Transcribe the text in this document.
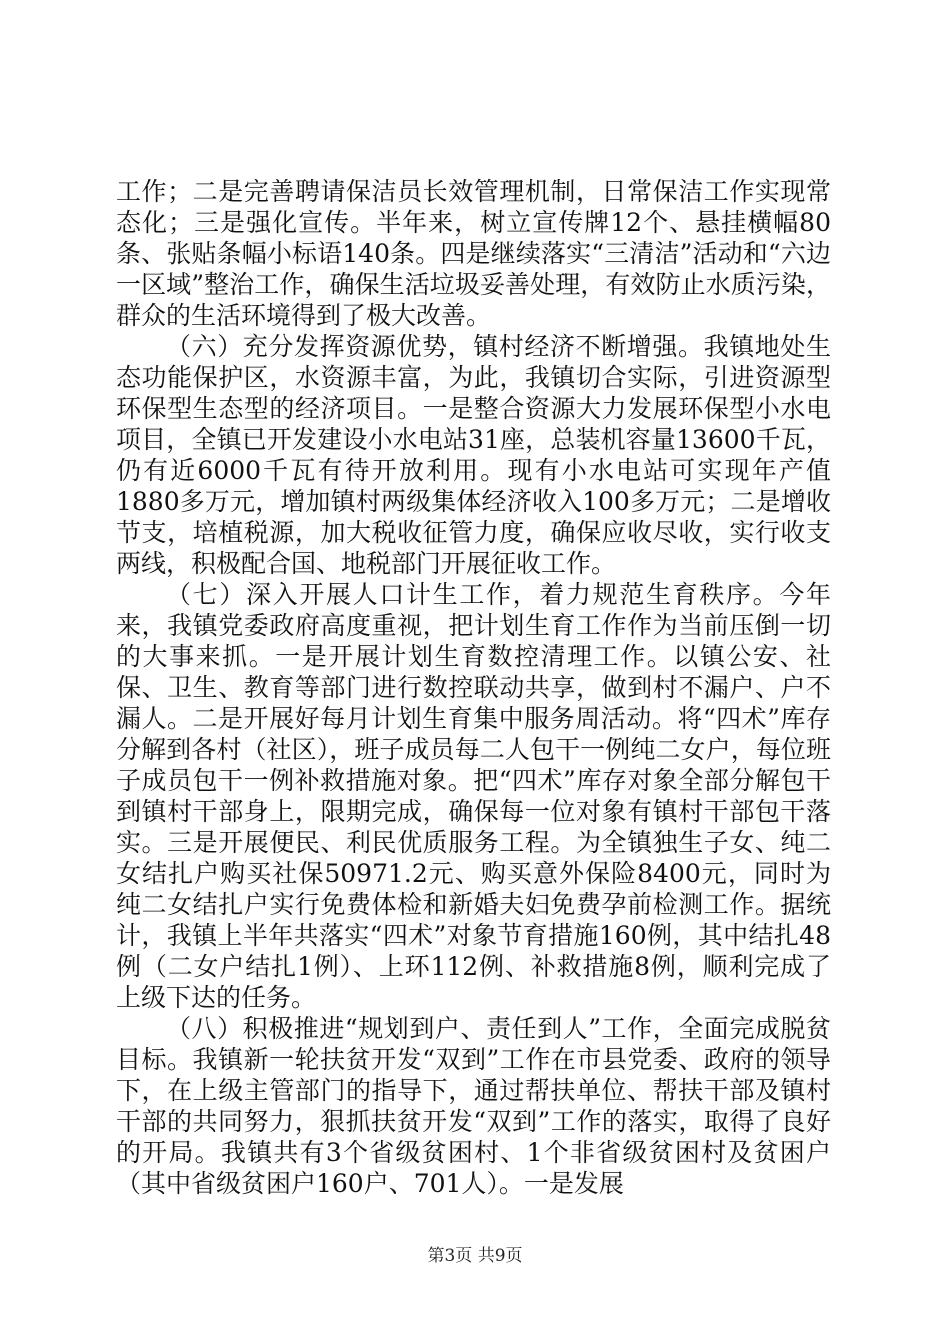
工作；二是完善聘请保洁员长效管理机制，日常保洁工作实现常态化；三是强化宣传。半年来，树立宣传牌12个、悬挂横幅80条、张贴条幅小标语140条。四是继续落实“三清洁”活动和“六边一区域”整治工作，确保生活垃圾妥善处理，有效防止水质污染，群众的生活环境得到了极大改善。

（六）充分发挥资源优势，镇村经济不断增强。我镇地处生态功能保护区，水资源丰富，为此，我镇切合实际，引进资源型环保型生态型的经济项目。一是整合资源大力发展环保型小水电项目，全镇已开发建设小水电站31座，总装机容量13600千瓦，仍有近6000千瓦有待开放利用。现有小水电站可实现年产值1880多万元，增加镇村两级集体经济收入100多万元；二是增收节支，培植税源，加大税收征管力度，确保应收尽收，实行收支两线，积极配合国、地税部门开展征收工作。

（七）深入开展人口计生工作，着力规范生育秩序。今年来，我镇党委政府高度重视，把计划生育工作作为当前压倒一切的大事来抓。一是开展计划生育数控清理工作。以镇公安、社保、卫生、教育等部门进行数控联动共享，做到村不漏户、户不漏人。二是开展好每月计划生育集中服务周活动。将“四术”库存分解到各村（社区），班子成员每二人包干一例纯二女户，每位班子成员包干一例补救措施对象。把“四术”库存对象全部分解包干到镇村干部身上，限期完成，确保每一位对象有镇村干部包干落实。三是开展便民、利民优质服务工程。为全镇独生子女、纯二女结扎户购买社保50971.2元、购买意外保险8400元，同时为纯二女结扎户实行免费体检和新婚夫妇免费孕前检测工作。据统计，我镇上半年共落实“四术”对象节育措施160例，其中结扎48例（二女户结扎1例）、上环112例、补救措施8例，顺利完成了上级下达的任务。

（八）积极推进“规划到户、责任到人”工作，全面完成脱贫目标。我镇新一轮扶贫开发“双到”工作在市县党委、政府的领导下，在上级主管部门的指导下，通过帮扶单位、帮扶干部及镇村干部的共同努力，狠抓扶贫开发“双到”工作的落实，取得了良好的开局。我镇共有3个省级贫困村、1个非省级贫困村及贫困户（其中省级贫困户160户、701人）。一是发展

第3页 共9页
